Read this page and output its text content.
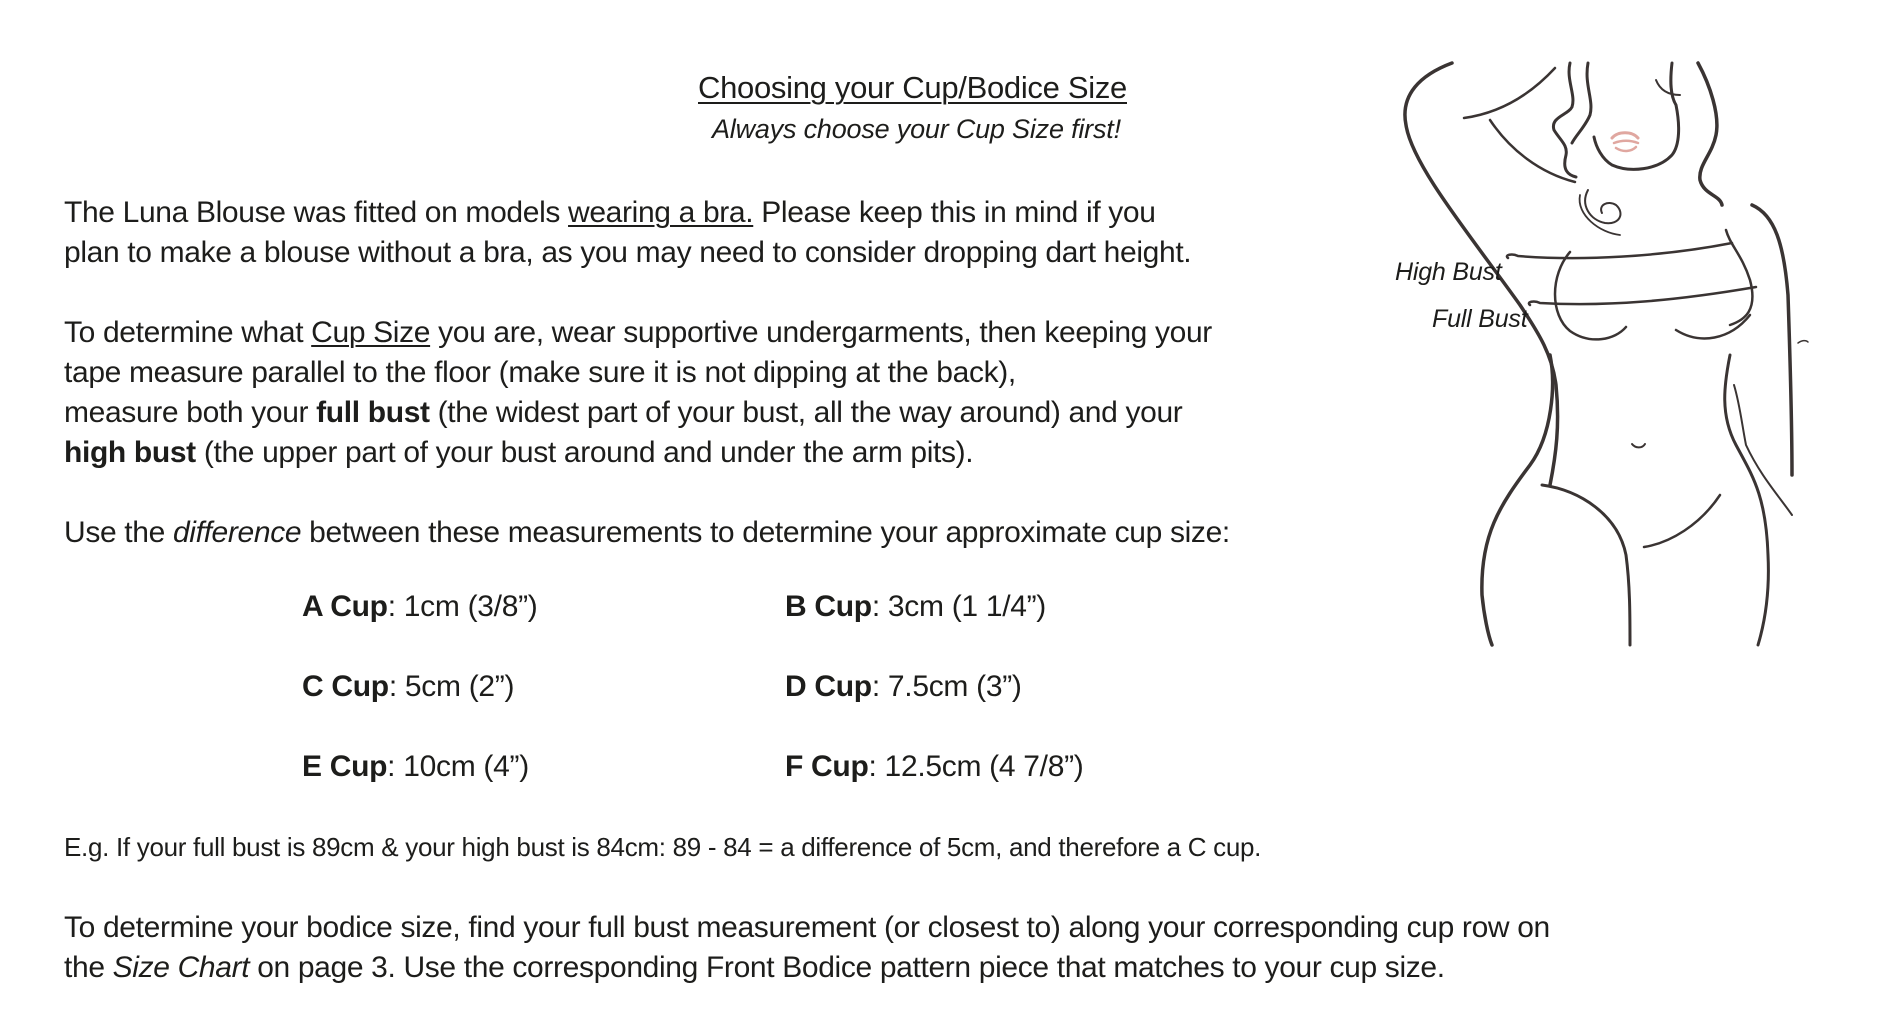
Choosing your Cup/Bodice Size
Always choose your Cup Size first!
The Luna Blouse was fitted on models wearing a bra. Please keep this in mind if you
plan to make a blouse without a bra, as you may need to consider dropping dart height.
To determine what Cup Size you are, wear supportive undergarments, then keeping your
tape measure parallel to the floor (make sure it is not dipping at the back),
measure both your full bust (the widest part of your bust, all the way around) and your
high bust (the upper part of your bust around and under the arm pits).
Use the difference between these measurements to determine your approximate cup size:
A Cup: 1cm (3/8”)	B Cup: 3cm (1 1/4”)
C Cup: 5cm (2”)	D Cup: 7.5cm (3”)
E Cup: 10cm (4”)	F Cup: 12.5cm (4 7/8”)
E.g. If your full bust is 89cm & your high bust is 84cm: 89 - 84 = a difference of 5cm, and therefore a C cup.
To determine your bodice size, find your full bust measurement (or closest to) along your corresponding cup row on
the Size Chart on page 3. Use the corresponding Front Bodice pattern piece that matches to your cup size.
High Bust
Full Bust
